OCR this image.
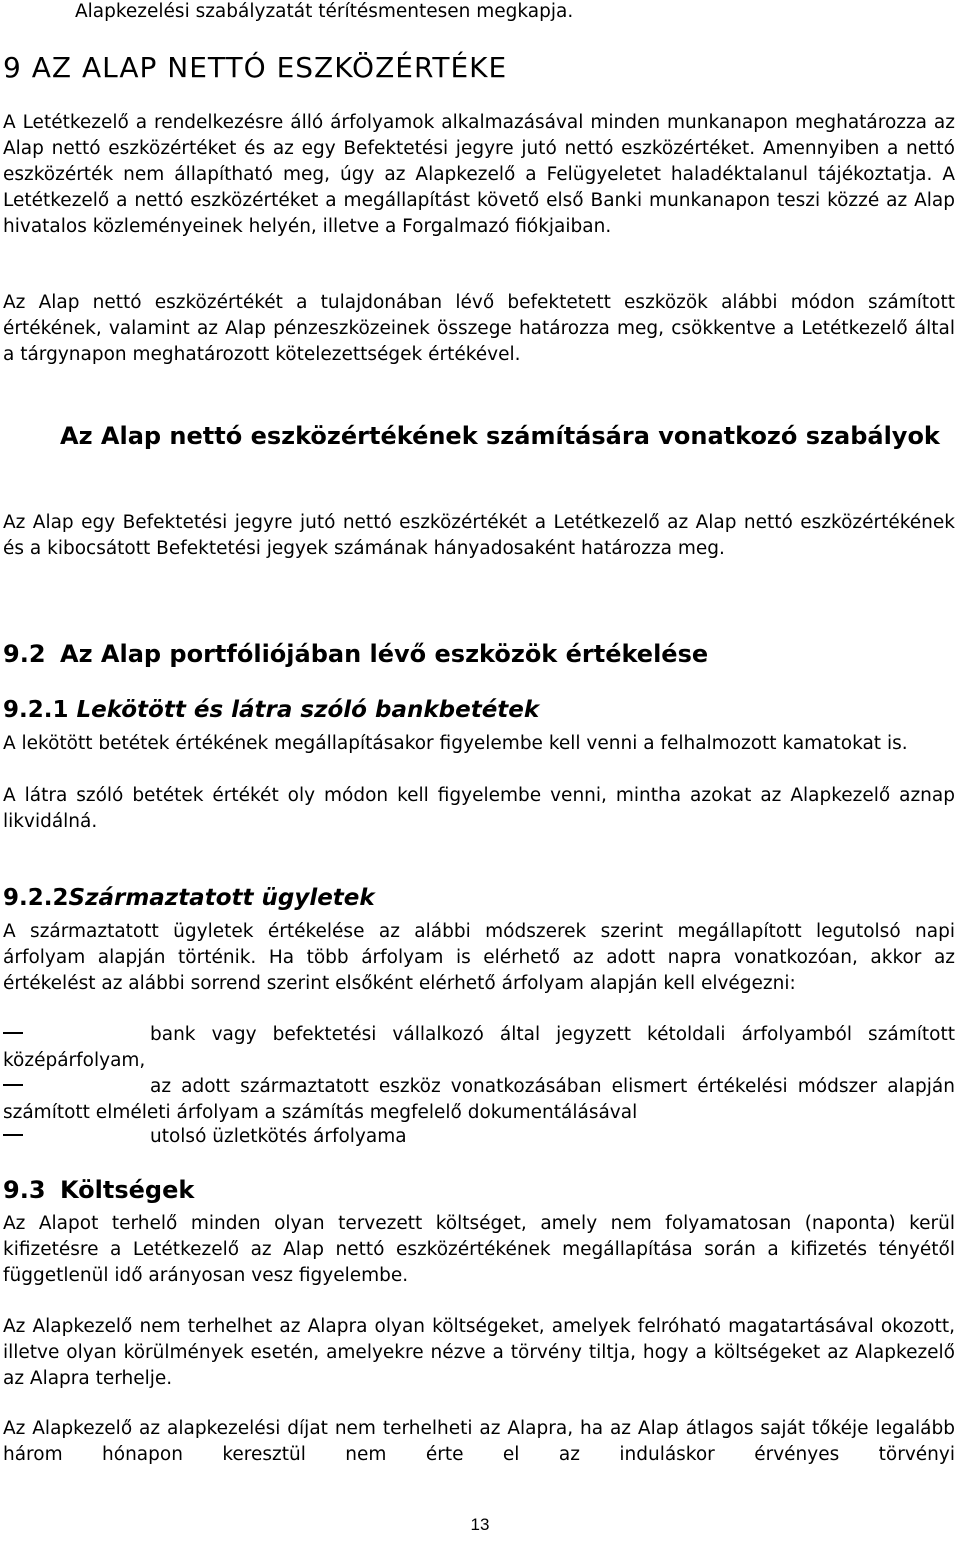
Alapkezelési szabályzatát térítésmentesen megkapja.

9 AZ ALAP NETTÓ ESZKÖZÉRTÉKE

A Letétkezelő a rendelkezésre álló árfolyamok alkalmazásával minden munkanapon meghatározza az Alap nettó eszközértéket és az egy Befektetési jegyre jutó nettó eszközértéket. Amennyiben a nettó eszközérték nem állapítható meg, úgy az Alapkezelő a Felügyeletet haladéktalanul tájékoztatja. A Letétkezelő a nettó eszközértéket a megállapítást követő első Banki munkanapon teszi közzé az Alap hivatalos közleményeinek helyén, illetve a Forgalmazó fiókjaiban.

Az Alap nettó eszközértékét a tulajdonában lévő befektetett eszközök alábbi módon számított értékének, valamint az Alap pénzeszközeinek összege határozza meg, csökkentve a Letétkezelő által a tárgynapon meghatározott kötelezettségek értékével.

Az Alap nettó eszközértékének számítására vonatkozó szabályok

Az Alap egy Befektetési jegyre jutó nettó eszközértékét a Letétkezelő az Alap nettó eszközértékének és a kibocsátott Befektetési jegyek számának hányadosaként határozza meg.

9.2 Az Alap portfóliójában lévő eszközök értékelése
9.2.1 Lekötött és látra szóló bankbetétek

A lekötött betétek értékének megállapításakor figyelembe kell venni a felhalmozott kamatokat is.

A látra szóló betétek értékét oly módon kell figyelembe venni, mintha azokat az Alapkezelő aznap likvidálná.

9.2.2Származtatott ügyletek

A származtatott ügyletek értékelése az alábbi módszerek szerint megállapított legutolsó napi árfolyam alapján történik. Ha több árfolyam is elérhető az adott napra vonatkozóan, akkor az értékelést az alábbi sorrend szerint elsőként elérhető árfolyam alapján kell elvégezni:

bank vagy befektetési vállalkozó által jegyzett kétoldali árfolyamból számított középárfolyam,

az adott származtatott eszköz vonatkozásában elismert értékelési módszer alapján számított elméleti árfolyam a számítás megfelelő dokumentálásával

utolsó üzletkötés árfolyama

9.3 Költségek

Az Alapot terhelő minden olyan tervezett költséget, amely nem folyamatosan (naponta) kerül kifizetésre a Letétkezelő az Alap nettó eszközértékének megállapítása során a kifizetés tényétől függetlenül idő arányosan vesz figyelembe.

Az Alapkezelő nem terhelhet az Alapra olyan költségeket, amelyek felróható magatartásával okozott, illetve olyan körülmények esetén, amelyekre nézve a törvény tiltja, hogy a költségeket az Alapkezelő az Alapra terhelje.

Az Alapkezelő az alapkezelési díjat nem terhelheti az Alapra, ha az Alap átlagos saját tőkéje legalább három hónapon keresztül nem érte el az induláskor érvényes törvényi

13
